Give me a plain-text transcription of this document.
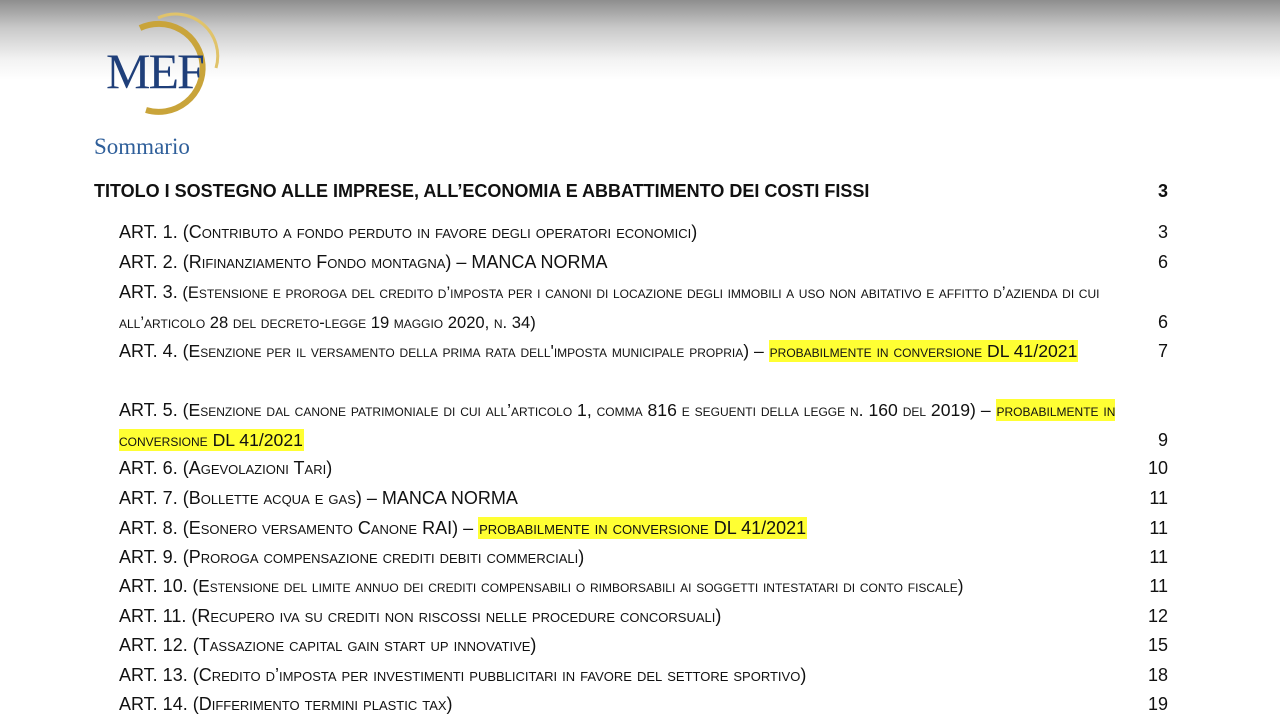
MEF
Sommario
TITOLO I SOSTEGNO ALLE IMPRESE, ALL’ECONOMIA E ABBATTIMENTO DEI COSTI FISSI	3
ART. 1. (Contributo a fondo perduto in favore degli operatori economici)	3
ART. 2. (Rifinanziamento Fondo montagna) – MANCA NORMA	6
ART. 3. (Estensione e proroga del credito d’imposta per i canoni di locazione degli immobili a uso non abitativo e affitto d’azienda di cui all’articolo 28 del decreto-legge 19 maggio 2020, n. 34)	6
ART. 4. (Esenzione per il versamento della prima rata dell'imposta municipale propria) – probabilmente in conversione DL 41/2021	7
ART. 5. (Esenzione dal canone patrimoniale di cui all’articolo 1, comma 816 e seguenti della legge n. 160 del 2019) – probabilmente in conversione DL 41/2021	9
ART. 6. (Agevolazioni Tari)	10
ART. 7. (Bollette acqua e gas) – MANCA NORMA	11
ART. 8. (Esonero versamento Canone RAI) – probabilmente in conversione DL 41/2021	11
ART. 9. (Proroga compensazione crediti debiti commerciali)	11
ART. 10. (Estensione del limite annuo dei crediti compensabili o rimborsabili ai soggetti intestatari di conto fiscale)	11
ART. 11. (Recupero iva su crediti non riscossi nelle procedure concorsuali)	12
ART. 12. (Tassazione capital gain start up innovative)	15
ART. 13. (Credito d’imposta per investimenti pubblicitari in favore del settore sportivo)	18
ART. 14. (Differimento termini plastic tax)	19
